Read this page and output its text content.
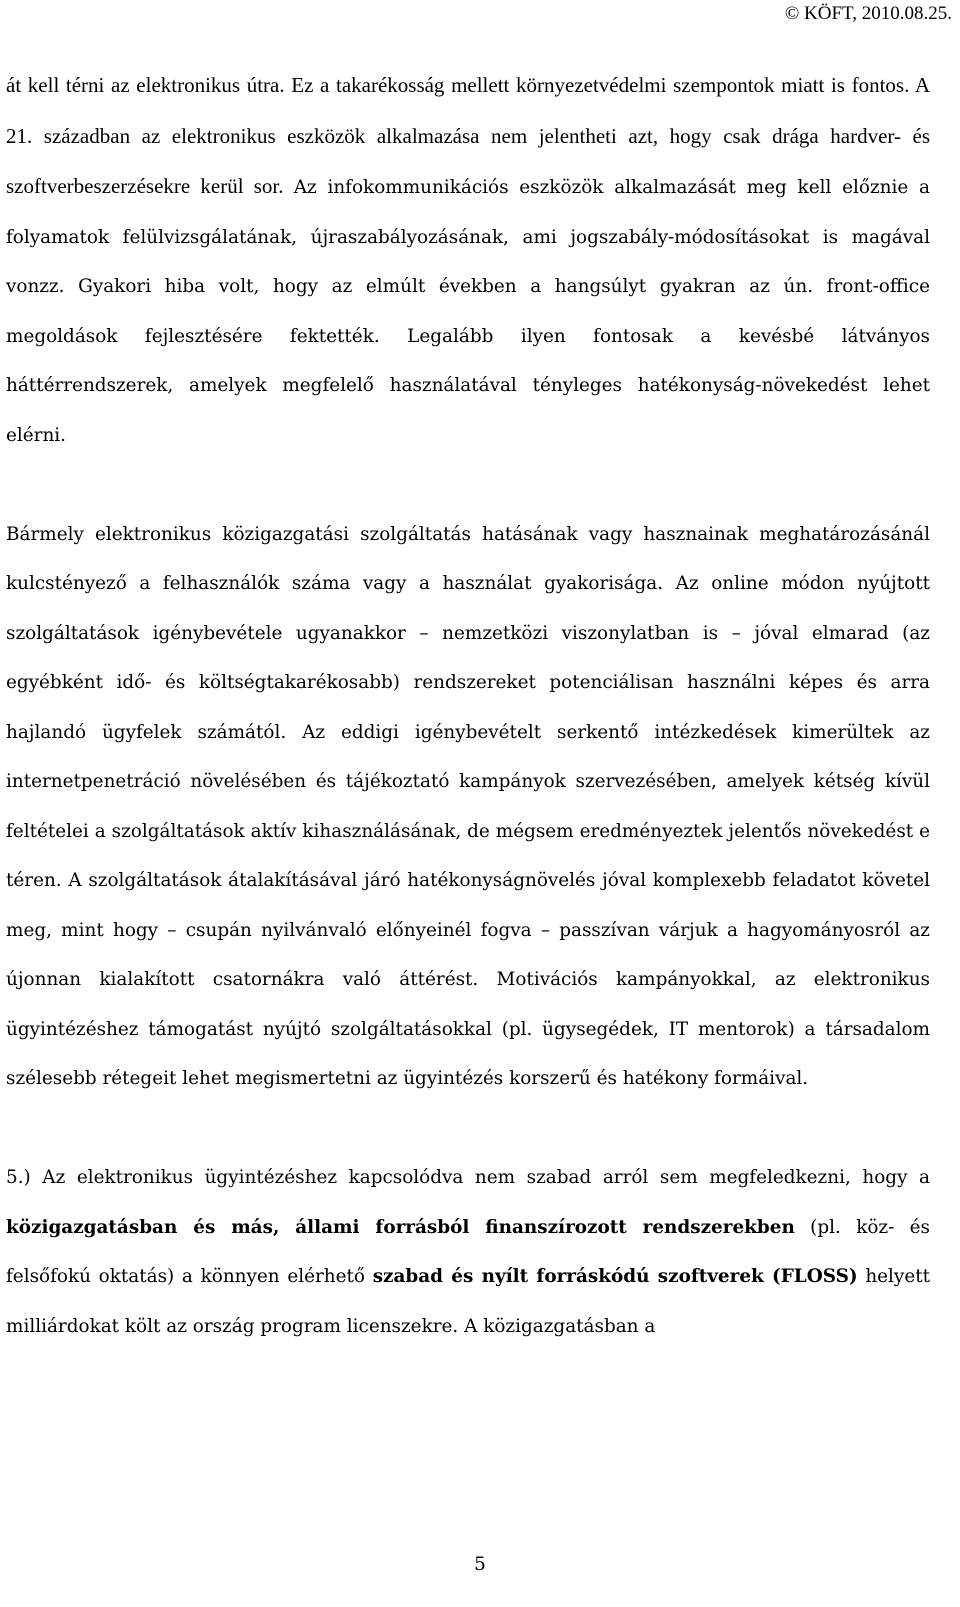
© KÖFT, 2010.08.25.

át kell térni az elektronikus útra. Ez a takarékosság mellett környezetvédelmi szempontok miatt is fontos. A 21. században az elektronikus eszközök alkalmazása nem jelentheti azt, hogy csak drága hardver- és szoftverbeszerzésekre kerül sor. Az infokommunikációs eszközök alkalmazását meg kell előznie a folyamatok felülvizsgálatának, újraszabályozásának, ami jogszabály-módosításokat is magával vonzz. Gyakori hiba volt, hogy az elmúlt években a hangsúlyt gyakran az ún. front-office megoldások fejlesztésére fektették. Legalább ilyen fontosak a kevésbé látványos háttérrendszerek, amelyek megfelelő használatával tényleges hatékonyság-növekedést lehet elérni.

Bármely elektronikus közigazgatási szolgáltatás hatásának vagy hasznainak meghatározásánál kulcstényező a felhasználók száma vagy a használat gyakorisága. Az online módon nyújtott szolgáltatások igénybevétele ugyanakkor – nemzetközi viszonylatban is – jóval elmarad (az egyébként idő- és költségtakarékosabb) rendszereket potenciálisan használni képes és arra hajlandó ügyfelek számától. Az eddigi igénybevételt serkentő intézkedések kimerültek az internetpenetráció növelésében és tájékoztató kampányok szervezésében, amelyek kétség kívül feltételei a szolgáltatások aktív kihasználásának, de mégsem eredményeztek jelentős növekedést e téren. A szolgáltatások átalakításával járó hatékonyságnövelés jóval komplexebb feladatot követel meg, mint hogy – csupán nyilvánvaló előnyeinél fogva – passzívan várjuk a hagyományosról az újonnan kialakított csatornákra való áttérést. Motivációs kampányokkal, az elektronikus ügyintézéshez támogatást nyújtó szolgáltatásokkal (pl. ügysegédek, IT mentorok) a társadalom szélesebb rétegeit lehet megismertetni az ügyintézés korszerű és hatékony formáival.

5.) Az elektronikus ügyintézéshez kapcsolódva nem szabad arról sem megfeledkezni, hogy a közigazgatásban és más, állami forrásból finanszírozott rendszerekben (pl. köz- és felsőfokú oktatás) a könnyen elérhető szabad és nyílt forráskódú szoftverek (FLOSS) helyett milliárdokat költ az ország program licenszekre. A közigazgatásban a

5
